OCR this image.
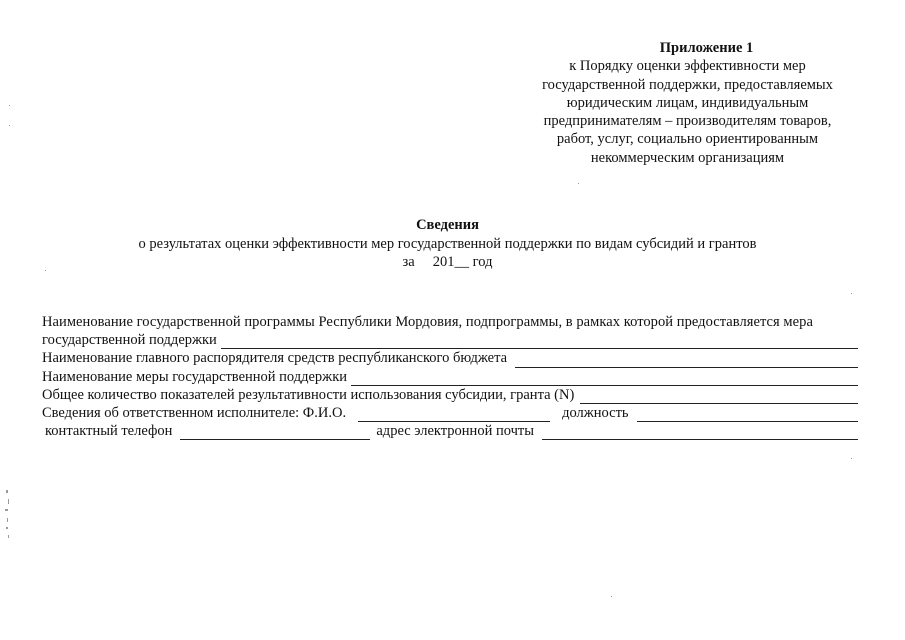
Приложение 1
к Порядку оценки эффективности мер
государственной поддержки, предоставляемых
юридическим лицам, индивидуальным
предпринимателям – производителям товаров,
работ, услуг, социально ориентированным
некоммерческим организациям
Сведения
о результатах оценки эффективности мер государственной поддержки по видам субсидий и грантов
за     201__ год
Наименование государственной программы Республики Мордовия, подпрограммы, в рамках которой предоставляется мера
государственной поддержки
Наименование главного распорядителя средств республиканского бюджета
Наименование меры государственной поддержки
Общее количество показателей результативности использования субсидии, гранта (N)
Сведения об ответственном исполнителе: Ф.И.О.	должность
контактный телефон	адрес электронной почты
